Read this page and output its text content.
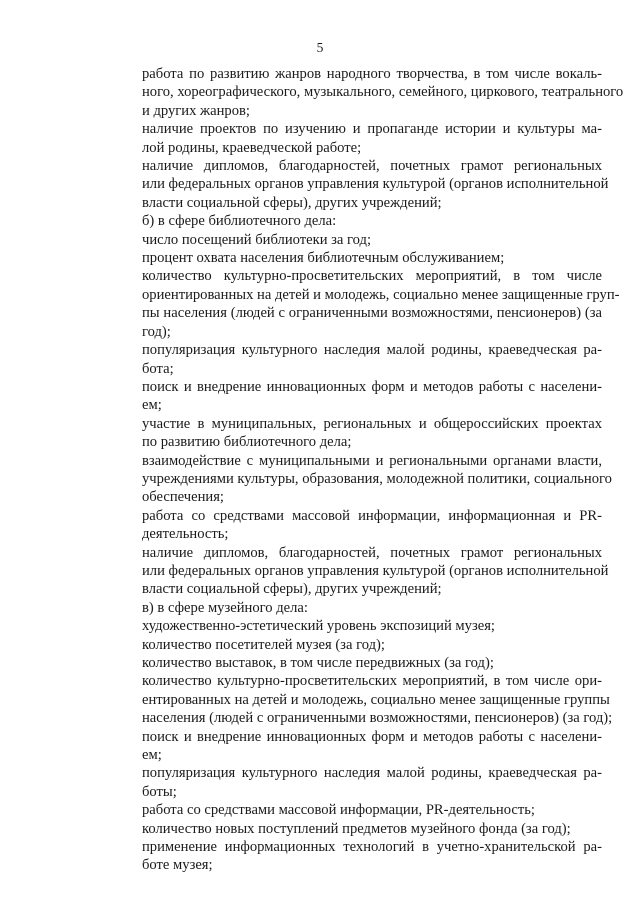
5
работа по развитию жанров народного творчества, в том числе вокаль-
ного, хореографического, музыкального, семейного, циркового, театрального
и других жанров;
наличие проектов по изучению и пропаганде истории и культуры ма-
лой родины, краеведческой работе;
наличие дипломов, благодарностей, почетных грамот региональных
или федеральных органов управления культурой (органов исполнительной
власти социальной сферы), других учреждений;
б) в сфере библиотечного дела:
число посещений библиотеки за год;
процент охвата населения библиотечным обслуживанием;
количество культурно-просветительских мероприятий, в том числе
ориентированных на детей и молодежь, социально менее защищенные груп-
пы населения (людей с ограниченными возможностями, пенсионеров) (за
год);
популяризация культурного наследия малой родины, краеведческая ра-
бота;
поиск и внедрение инновационных форм и методов работы с населени-
ем;
участие в муниципальных, региональных и общероссийских проектах
по развитию библиотечного дела;
взаимодействие с муниципальными и региональными органами власти,
учреждениями культуры, образования, молодежной политики, социального
обеспечения;
работа со средствами массовой информации, информационная и PR-
деятельность;
наличие дипломов, благодарностей, почетных грамот региональных
или федеральных органов управления культурой (органов исполнительной
власти социальной сферы), других учреждений;
в) в сфере музейного дела:
художественно-эстетический уровень экспозиций музея;
количество посетителей музея (за год);
количество выставок, в том числе передвижных (за год);
количество культурно-просветительских мероприятий, в том числе ори-
ентированных на детей и молодежь, социально менее защищенные группы
населения (людей с ограниченными возможностями, пенсионеров) (за год);
поиск и внедрение инновационных форм и методов работы с населени-
ем;
популяризация культурного наследия малой родины, краеведческая ра-
боты;
работа со средствами массовой информации, PR-деятельность;
количество новых поступлений предметов музейного фонда (за год);
применение информационных технологий в учетно-хранительской ра-
боте музея;
